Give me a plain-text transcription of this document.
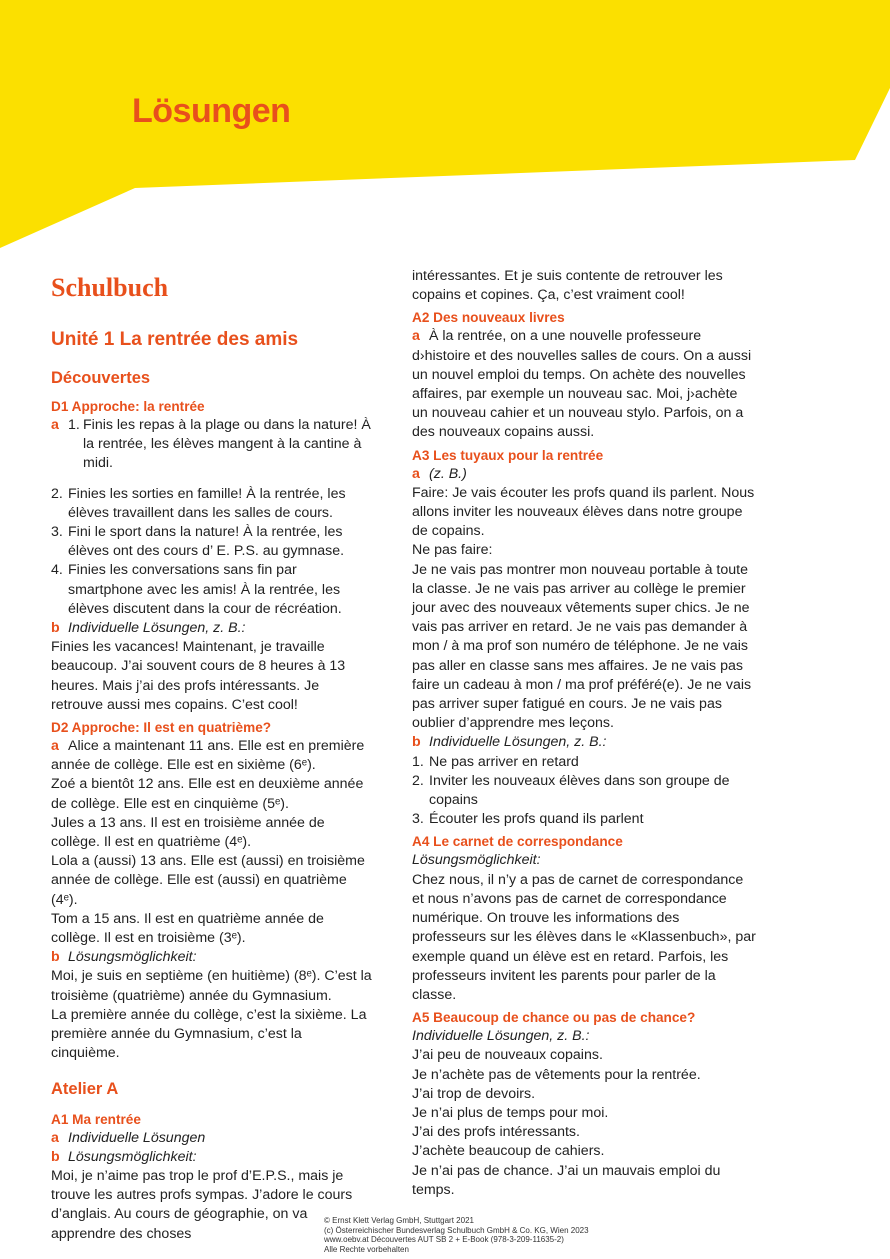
Lösungen
Schulbuch
Unité 1 La rentrée des amis
Découvertes
D1 Approche: la rentrée
a 1. Finis les repas à la plage ou dans la nature! À la rentrée, les élèves mangent à la cantine à midi.
2. Finies les sorties en famille! À la rentrée, les élèves travaillent dans les salles de cours.
3. Fini le sport dans la nature! À la rentrée, les élèves ont des cours d’ E. P.S. au gymnase.
4. Finies les conversations sans fin par smartphone avec les amis! À la rentrée, les élèves discutent dans la cour de récréation.

b Individuelle Lösungen, z. B.:

Finies les vacances! Maintenant, je travaille beaucoup. J’ai souvent cours de 8 heures à 13 heures. Mais j’ai des profs intéressants. Je retrouve aussi mes copains. C’est cool!

D2 Approche: Il est en quatrième?

a Alice a maintenant 11 ans. Elle est en première année de collège. Elle est en sixième (6ᵉ).

Zoé a bientôt 12 ans. Elle est en deuxième année de collège. Elle est en cinquième (5ᵉ).

Jules a 13 ans. Il est en troisième année de collège. Il est en quatrième (4ᵉ).

Lola a (aussi) 13 ans. Elle est (aussi) en troisième année de collège. Elle est (aussi) en quatrième (4ᵉ).

Tom a 15 ans. Il est en quatrième année de collège. Il est en troisième (3ᵉ).

b Lösungsmöglichkeit:

Moi, je suis en septième (en huitième) (8ᵉ). C’est la troisième (quatrième) année du Gymnasium.

La première année du collège, c’est la sixième. La première année du Gymnasium, c’est la cinquième.

Atelier A
A1 Ma rentrée

a Individuelle Lösungen

b Lösungsmöglichkeit:

Moi, je n’aime pas trop le prof d’E.P.S., mais je trouve les autres profs sympas. J’adore le cours d’anglais. Au cours de géographie, on va apprendre des choses

intéressantes. Et je suis contente de retrouver les copains et copines. Ça, c’est vraiment cool!

A2 Des nouveaux livres

a À la rentrée, on a une nouvelle professeure d›histoire et des nouvelles salles de cours. On a aussi un nouvel emploi du temps. On achète des nouvelles affaires, par exemple un nouveau sac. Moi, j›achète un nouveau cahier et un nouveau stylo. Parfois, on a des nouveaux copains aussi.

A3 Les tuyaux pour la rentrée

a (z. B.)

Faire: Je vais écouter les profs quand ils parlent. Nous allons inviter les nouveaux élèves dans notre groupe de copains.

Ne pas faire:

Je ne vais pas montrer mon nouveau portable à toute la classe. Je ne vais pas arriver au collège le premier jour avec des nouveaux vêtements super chics. Je ne vais pas arriver en retard. Je ne vais pas demander à mon / à ma prof son numéro de téléphone. Je ne vais pas aller en classe sans mes affaires. Je ne vais pas faire un cadeau à mon / ma prof préféré(e). Je ne vais pas arriver super fatigué en cours. Je ne vais pas oublier d’apprendre mes leçons.

b Individuelle Lösungen, z. B.:

1. Ne pas arriver en retard
2. Inviter les nouveaux élèves dans son groupe de copains
3. Écouter les profs quand ils parlent
A4 Le carnet de correspondance

Lösungsmöglichkeit:

Chez nous, il n’y a pas de carnet de correspondance et nous n’avons pas de carnet de correspondance numérique. On trouve les informations des professeurs sur les élèves dans le «Klassenbuch», par exemple quand un élève est en retard. Parfois, les professeurs invitent les parents pour parler de la classe.

A5 Beaucoup de chance ou pas de chance?

Individuelle Lösungen, z. B.:

J’ai peu de nouveaux copains.

Je n’achète pas de vêtements pour la rentrée.

J’ai trop de devoirs.

Je n’ai plus de temps pour moi.

J’ai des profs intéressants.

J’achète beaucoup de cahiers.

Je n’ai pas de chance. J’ai un mauvais emploi du temps.

© Ernst Klett Verlag GmbH, Stuttgart 2021
(c) Österreichischer Bundesverlag Schulbuch GmbH & Co. KG, Wien 2023
www.oebv.at Découvertes AUT SB 2 + E-Book (978-3-209-11635-2)
Alle Rechte vorbehalten
